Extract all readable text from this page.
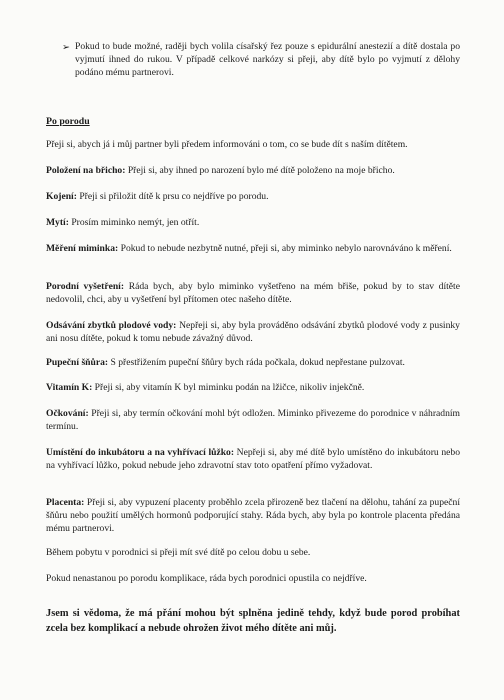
➢ Pokud to bude možné, raději bych volila císařský řez pouze s epidurální anestezií a dítě dostala po vyjmutí ihned do rukou. V případě celkové narkózy si přeji, aby dítě bylo po vyjmutí z dělohy podáno mému partnerovi.
Po porodu

Přeji si, abych já i můj partner byli předem informováni o tom, co se bude dít s naším dítětem.

Položení na břicho: Přeji si, aby ihned po narození bylo mé dítě položeno na moje břicho.

Kojení: Přeji si přiložit dítě k prsu co nejdříve po porodu.

Mytí: Prosím miminko nemýt, jen otřít.

Měření miminka: Pokud to nebude nezbytně nutné, přeji si, aby miminko nebylo narovnáváno k měření.

Porodní vyšetření: Ráda bych, aby bylo miminko vyšetřeno na mém břiše, pokud by to stav dítěte nedovolil, chci, aby u vyšetření byl přítomen otec našeho dítěte.

Odsávání zbytků plodové vody: Nepřeji si, aby byla prováděno odsávání zbytků plodové vody z pusinky ani nosu dítěte, pokud k tomu nebude závažný důvod.

Pupeční šňůra: S přestřižením pupeční šňůry bych ráda počkala, dokud nepřestane pulzovat.

Vitamín K: Přeji si, aby vitamín K byl miminku podán na lžičce, nikoliv injekčně.

Očkování: Přeji si, aby termín očkování mohl být odložen. Miminko přivezeme do porodnice v náhradním termínu.

Umístění do inkubátoru a na vyhřívací lůžko: Nepřeji si, aby mé dítě bylo umístěno do inkubátoru nebo na vyhřívací lůžko, pokud nebude jeho zdravotní stav toto opatření přímo vyžadovat.

Placenta: Přeji si, aby vypuzení placenty proběhlo zcela přirozeně bez tlačení na dělohu, tahání za pupeční šňůru nebo použití umělých hormonů podporující stahy. Ráda bych, aby byla po kontrole placenta předána mému partnerovi.

Během pobytu v porodnici si přeji mít své dítě po celou dobu u sebe.

Pokud nenastanou po porodu komplikace, ráda bych porodnici opustila co nejdříve.

Jsem si vědoma, že má přání mohou být splněna jedině tehdy, když bude porod probíhat zcela bez komplikací a nebude ohrožen život mého dítěte ani můj.
